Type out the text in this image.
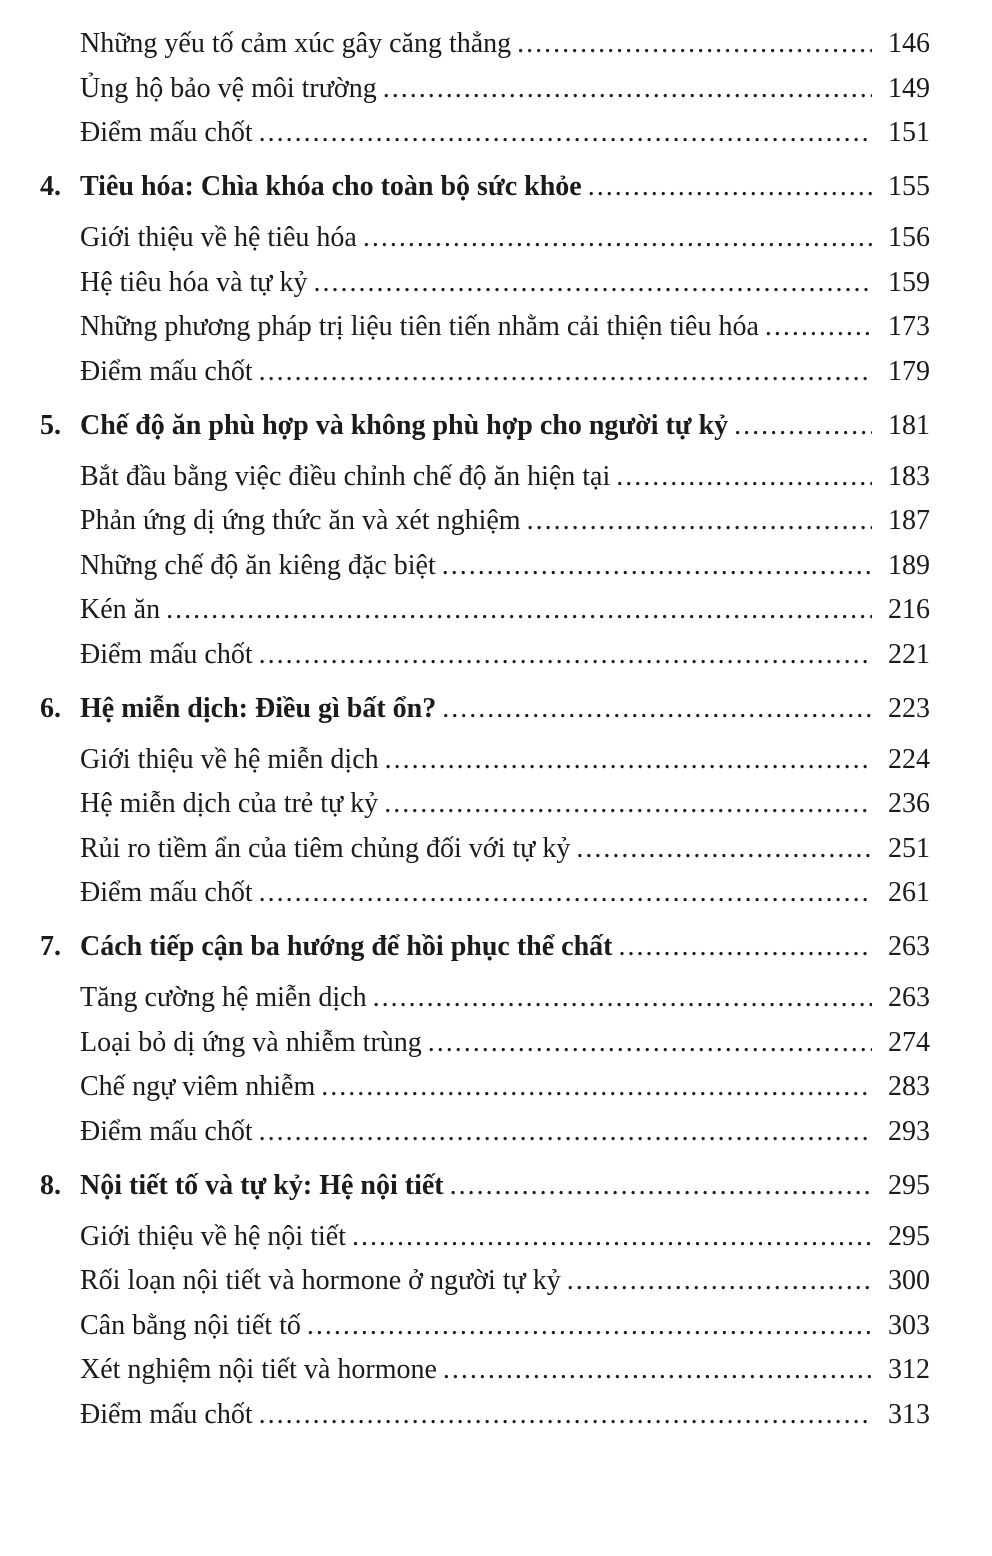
Những yếu tố cảm xúc gây căng thẳng .....	146
Ủng hộ bảo vệ môi trường .....	149
Điểm mấu chốt .....	151
4. Tiêu hóa: Chìa khóa cho toàn bộ sức khỏe .....	155
Giới thiệu về hệ tiêu hóa .....	156
Hệ tiêu hóa và tự kỷ .....	159
Những phương pháp trị liệu tiên tiến nhằm cải thiện tiêu hóa .....	173
Điểm mấu chốt .....	179
5. Chế độ ăn phù hợp và không phù hợp cho người tự kỷ .....	181
Bắt đầu bằng việc điều chỉnh chế độ ăn hiện tại .....	183
Phản ứng dị ứng thức ăn và xét nghiệm .....	187
Những chế độ ăn kiêng đặc biệt .....	189
Kén ăn .....	216
Điểm mấu chốt .....	221
6. Hệ miễn dịch: Điều gì bất ổn? .....	223
Giới thiệu về hệ miễn dịch .....	224
Hệ miễn dịch của trẻ tự kỷ .....	236
Rủi ro tiềm ẩn của tiêm chủng đối với tự kỷ .....	251
Điểm mấu chốt .....	261
7. Cách tiếp cận ba hướng để hồi phục thể chất .....	263
Tăng cường hệ miễn dịch .....	263
Loại bỏ dị ứng và nhiễm trùng .....	274
Chế ngự viêm nhiễm .....	283
Điểm mấu chốt .....	293
8. Nội tiết tố và tự kỷ: Hệ nội tiết .....	295
Giới thiệu về hệ nội tiết .....	295
Rối loạn nội tiết và hormone ở người tự kỷ .....	300
Cân bằng nội tiết tố .....	303
Xét nghiệm nội tiết và hormone .....	312
Điểm mấu chốt .....	313
